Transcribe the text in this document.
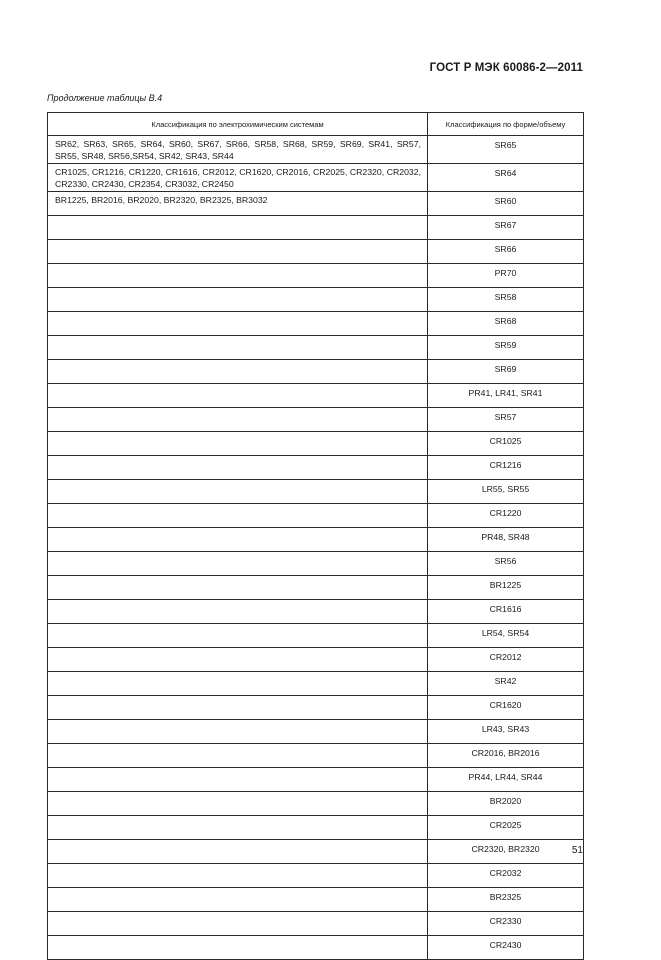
ГОСТ Р МЭК 60086-2—2011
Продолжение таблицы В.4
Классификация по электрохимическим системам	Классификация по форме/объему
SR62, SR63, SR65, SR64, SR60, SR67, SR66, SR58, SR68, SR59, SR69, SR41, SR57, SR55, SR48, SR56,SR54, SR42, SR43, SR44	SR65
CR1025, CR1216, CR1220, CR1616, CR2012, CR1620, CR2016, CR2025, CR2320, CR2032, CR2330, CR2430, CR2354, CR3032, CR2450	SR64
BR1225, BR2016, BR2020, BR2320, BR2325, BR3032	SR60
	SR67
	SR66
	PR70
	SR58
	SR68
	SR59
	SR69
	PR41, LR41, SR41
	SR57
	CR1025
	CR1216
	LR55, SR55
	CR1220
	PR48, SR48
	SR56
	BR1225
	CR1616
	LR54, SR54
	CR2012
	SR42
	CR1620
	LR43, SR43
	CR2016, BR2016
	PR44, LR44, SR44
	BR2020
	CR2025
	CR2320, BR2320
	CR2032
	BR2325
	CR2330
	CR2430
51
